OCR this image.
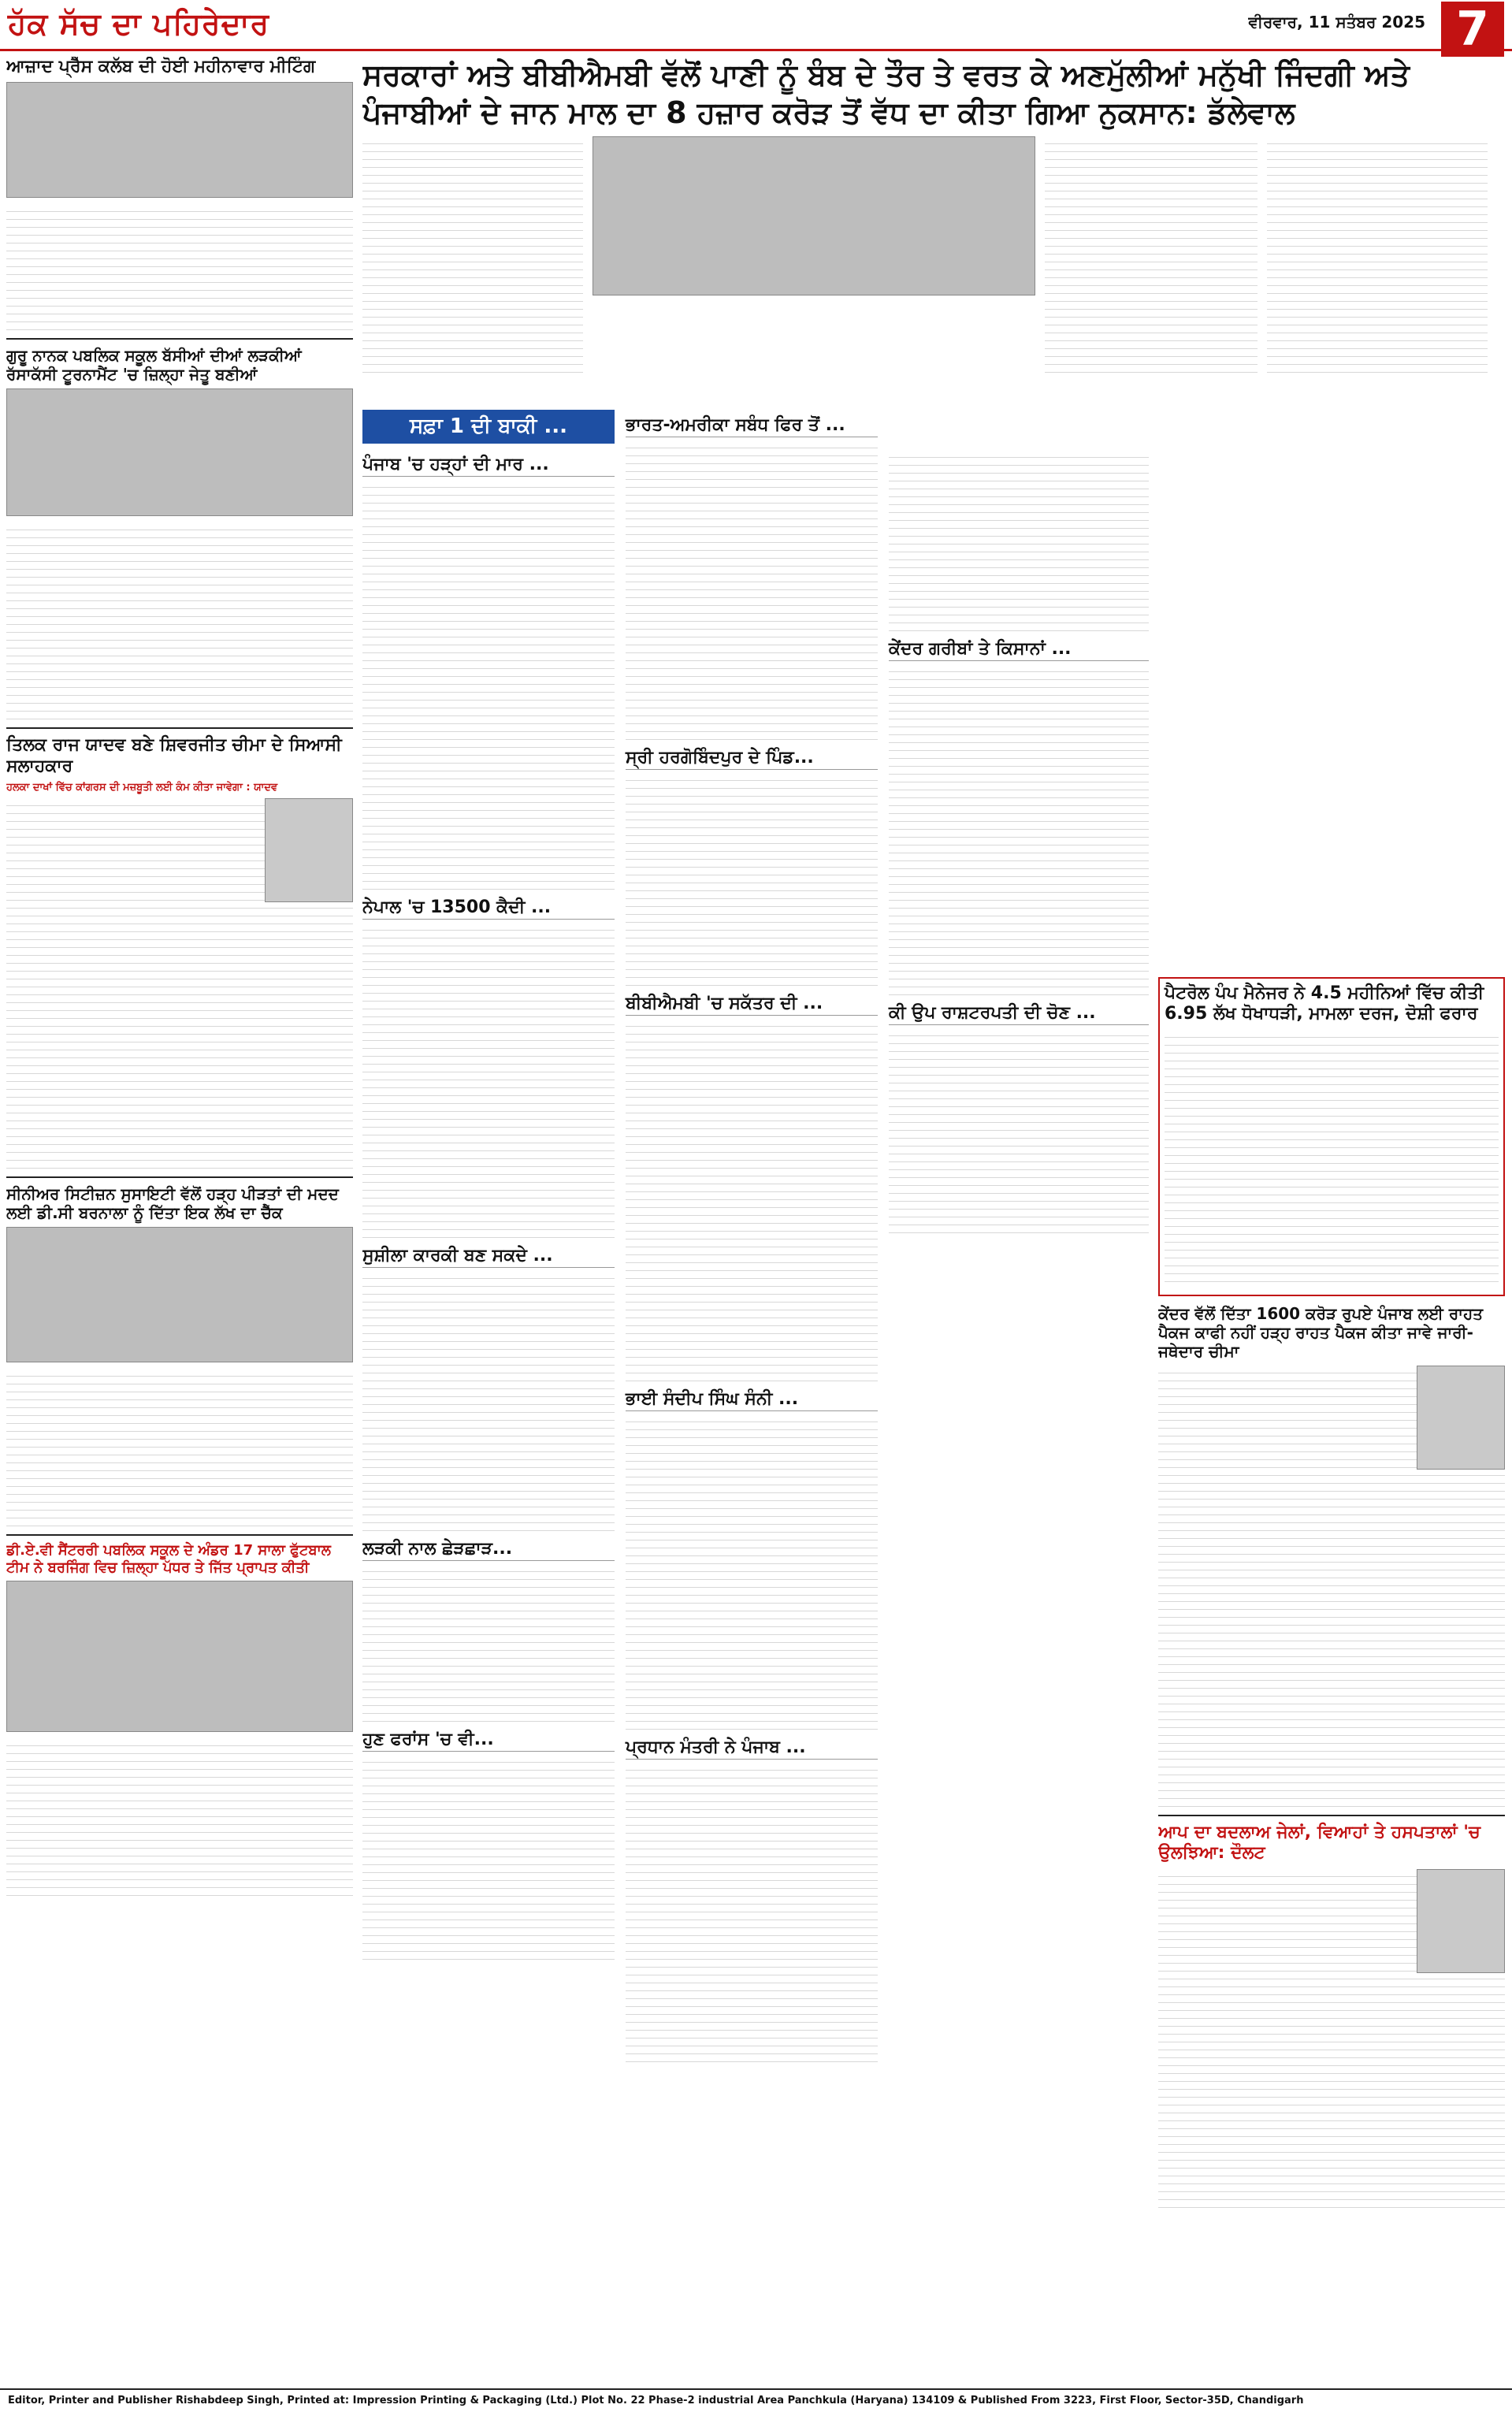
ਹੱਕ ਸੱਚ ਦਾ ਪਹਿਰੇਦਾਰ	ਵੀਰਵਾਰ, 11 ਸਤੰਬਰ 2025 7
ਆਜ਼ਾਦ ਪ੍ਰੈੱਸ ਕਲੱਬ ਦੀ ਹੋਈ ਮਹੀਨਾਵਾਰ ਮੀਟਿੰਗ

ਗੁਰੂ ਨਾਨਕ ਪਬਲਿਕ ਸਕੂਲ ਬੱਸੀਆਂ ਦੀਆਂ ਲੜਕੀਆਂ ਰੱਸਾਕੱਸੀ ਟੂਰਨਾਮੈਂਟ 'ਚ ਜ਼ਿਲ੍ਹਾ ਜੇਤੂ ਬਣੀਆਂ

ਤਿਲਕ ਰਾਜ ਯਾਦਵ ਬਣੇ ਸ਼ਿਵਰਜੀਤ ਚੀਮਾ ਦੇ ਸਿਆਸੀ ਸਲਾਹਕਾਰ
ਹਲਕਾ ਦਾਖਾਂ ਵਿੱਚ ਕਾਂਗਰਸ ਦੀ ਮਜ਼ਬੂਤੀ ਲਈ ਕੰਮ ਕੀਤਾ ਜਾਵੇਗਾ : ਯਾਦਵ

ਸੀਨੀਅਰ ਸਿਟੀਜ਼ਨ ਸੁਸਾਇਟੀ ਵੱਲੋਂ ਹੜ੍ਹ ਪੀੜਤਾਂ ਦੀ ਮਦਦ ਲਈ ਡੀ.ਸੀ ਬਰਨਾਲਾ ਨੂੰ ਦਿੱਤਾ ਇਕ ਲੱਖ ਦਾ ਚੈੱਕ

ਡੀ.ਏ.ਵੀ ਸੈਂਟਰਰੀ ਪਬਲਿਕ ਸਕੂਲ ਦੇ ਅੰਡਰ 17 ਸਾਲਾ ਫੁੱਟਬਾਲ ਟੀਮ ਨੇ ਬਰਜਿੰਗ ਵਿਚ ਜ਼ਿਲ੍ਹਾ ਪੱਧਰ ਤੇ ਜਿੱਤ ਪ੍ਰਾਪਤ ਕੀਤੀ

ਸਰਕਾਰਾਂ ਅਤੇ ਬੀਬੀਐਮਬੀ ਵੱਲੋਂ ਪਾਣੀ ਨੂੰ ਬੰਬ ਦੇ ਤੌਰ ਤੇ ਵਰਤ ਕੇ ਅਣਮੁੱਲੀਆਂ ਮਨੁੱਖੀ ਜਿੰਦਗੀ ਅਤੇ ਪੰਜਾਬੀਆਂ ਦੇ ਜਾਨ ਮਾਲ ਦਾ 8 ਹਜ਼ਾਰ ਕਰੋੜ ਤੋਂ ਵੱਧ ਦਾ ਕੀਤਾ ਗਿਆ ਨੁਕਸਾਨ: ਡੱਲੇਵਾਲ

ਸਫ਼ਾ 1 ਦੀ ਬਾਕੀ ...
ਪੰਜਾਬ 'ਚ ਹੜ੍ਹਾਂ ਦੀ ਮਾਰ ...

ਨੇਪਾਲ 'ਚ 13500 ਕੈਦੀ ...

ਸੁਸ਼ੀਲਾ ਕਾਰਕੀ ਬਣ ਸਕਦੇ ...

ਲੜਕੀ ਨਾਲ ਛੇੜਛਾੜ...

ਹੁਣ ਫਰਾਂਸ 'ਚ ਵੀ...

ਭਾਰਤ-ਅਮਰੀਕਾ ਸਬੰਧ ਫਿਰ ਤੋਂ ...

ਸ੍ਰੀ ਹਰਗੋਬਿੰਦਪੁਰ ਦੇ ਪਿੰਡ...

ਬੀਬੀਐਮਬੀ 'ਚ ਸਕੱਤਰ ਦੀ ...

ਭਾਈ ਸੰਦੀਪ ਸਿੰਘ ਸੰਨੀ ...

ਪ੍ਰਧਾਨ ਮੰਤਰੀ ਨੇ ਪੰਜਾਬ ...

ਕੇਂਦਰ ਗਰੀਬਾਂ ਤੇ ਕਿਸਾਨਾਂ ...

ਕੀ ਉਪ ਰਾਸ਼ਟਰਪਤੀ ਦੀ ਚੋਣ ...

ਪੈਟਰੋਲ ਪੰਪ ਮੈਨੇਜਰ ਨੇ 4.5 ਮਹੀਨਿਆਂ ਵਿੱਚ ਕੀਤੀ 6.95 ਲੱਖ ਧੋਖਾਧੜੀ, ਮਾਮਲਾ ਦਰਜ, ਦੋਸ਼ੀ ਫਰਾਰ

ਕੇਂਦਰ ਵੱਲੋਂ ਦਿੱਤਾ 1600 ਕਰੋੜ ਰੁਪਏ ਪੰਜਾਬ ਲਈ ਰਾਹਤ ਪੈਕਜ ਕਾਫੀ ਨਹੀਂ ਹੜ੍ਹ ਰਾਹਤ ਪੈਕਜ ਕੀਤਾ ਜਾਵੇ ਜਾਰੀ-ਜਥੇਦਾਰ ਚੀਮਾ

ਆਪ ਦਾ ਬਦਲਾਅ ਜੇਲਾਂ, ਵਿਆਹਾਂ ਤੇ ਹਸਪਤਾਲਾਂ 'ਚ ਉਲਝਿਆ: ਦੌਲਟ

Editor, Printer and Publisher Rishabdeep Singh, Printed at: Impression Printing & Packaging (Ltd.) Plot No. 22 Phase-2 industrial Area Panchkula (Haryana) 134109 & Published From 3223, First Floor, Sector-35D, Chandigarh
